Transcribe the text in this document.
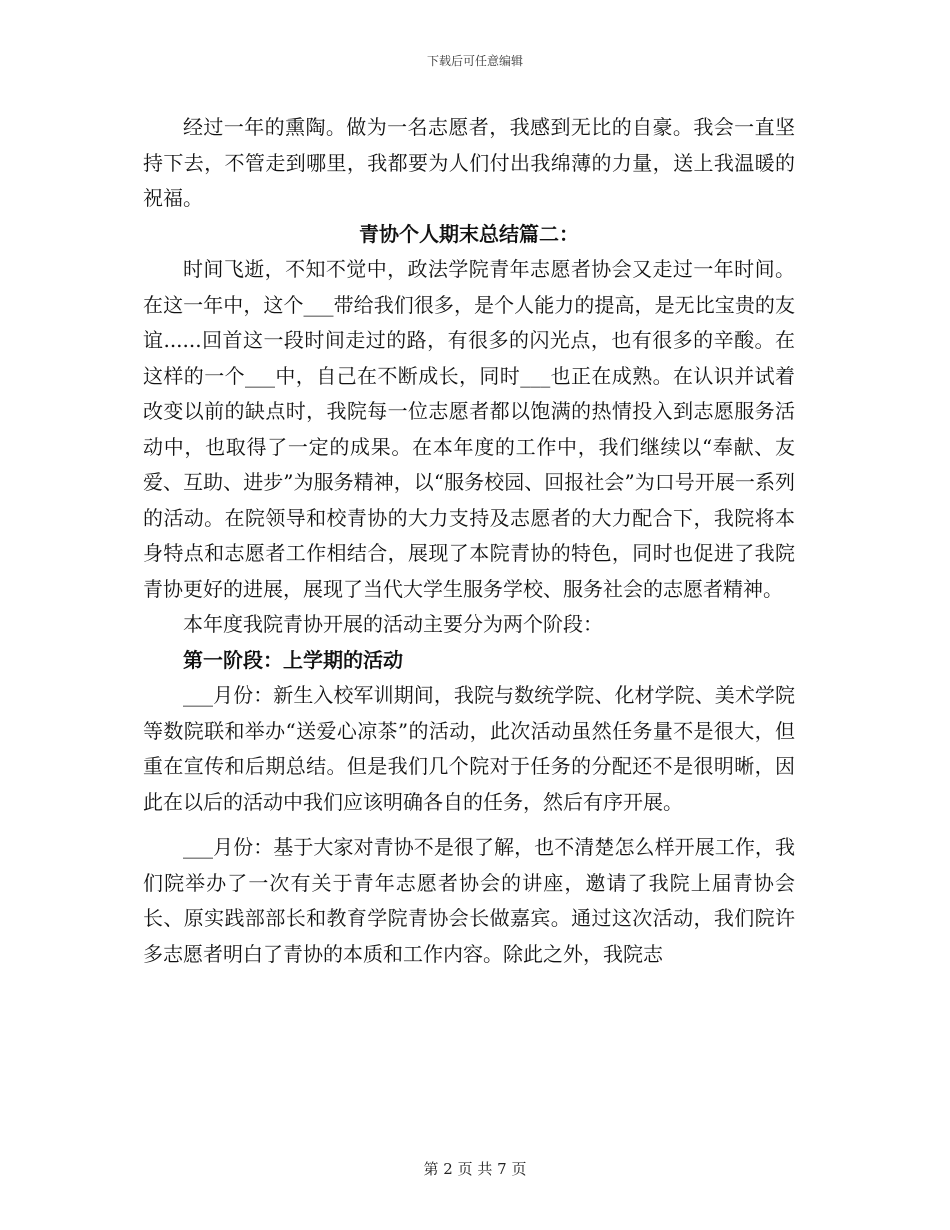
下载后可任意编辑

经过一年的熏陶。做为一名志愿者，我感到无比的自豪。我会一直坚持下去，不管走到哪里，我都要为人们付出我绵薄的力量，送上我温暖的祝福。

青协个人期末总结篇二：

时间飞逝，不知不觉中，政法学院青年志愿者协会又走过一年时间。在这一年中，这个___带给我们很多，是个人能力的提高，是无比宝贵的友谊......回首这一段时间走过的路，有很多的闪光点，也有很多的辛酸。在这样的一个___中，自己在不断成长，同时___也正在成熟。在认识并试着改变以前的缺点时，我院每一位志愿者都以饱满的热情投入到志愿服务活动中，也取得了一定的成果。在本年度的工作中，我们继续以“奉献、友爱、互助、进步”为服务精神，以“服务校园、回报社会”为口号开展一系列的活动。在院领导和校青协的大力支持及志愿者的大力配合下，我院将本身特点和志愿者工作相结合，展现了本院青协的特色，同时也促进了我院青协更好的进展，展现了当代大学生服务学校、服务社会的志愿者精神。

本年度我院青协开展的活动主要分为两个阶段：

第一阶段：上学期的活动

___月份：新生入校军训期间，我院与数统学院、化材学院、美术学院等数院联和举办“送爱心凉茶”的活动，此次活动虽然任务量不是很大，但重在宣传和后期总结。但是我们几个院对于任务的分配还不是很明晰，因此在以后的活动中我们应该明确各自的任务，然后有序开展。

___月份：基于大家对青协不是很了解，也不清楚怎么样开展工作，我们院举办了一次有关于青年志愿者协会的讲座，邀请了我院上届青协会长、原实践部部长和教育学院青协会长做嘉宾。通过这次活动，我们院许多志愿者明白了青协的本质和工作内容。除此之外，我院志

第 2 页 共 7 页
